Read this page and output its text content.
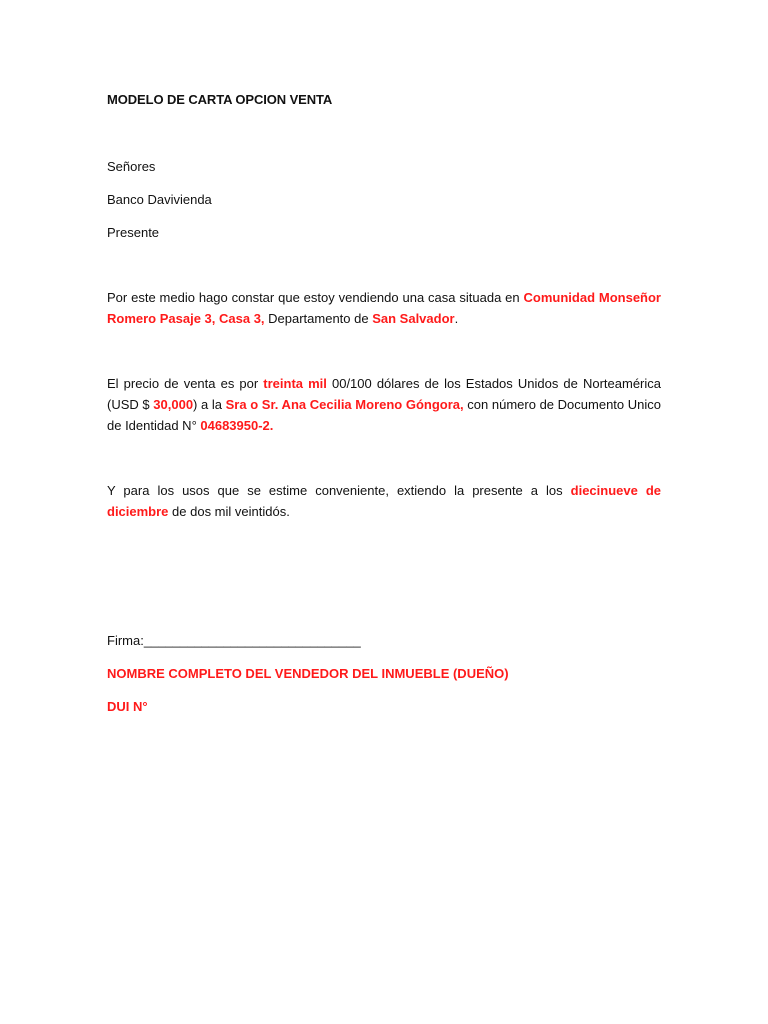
MODELO DE CARTA OPCION VENTA
Señores
Banco Davivienda
Presente
Por este medio hago constar que estoy vendiendo una casa situada en Comunidad Monseñor Romero Pasaje 3, Casa 3, Departamento de San Salvador.
El precio de venta es por treinta mil 00/100 dólares de los Estados Unidos de Norteamérica (USD $ 30,000) a la Sra o Sr. Ana Cecilia Moreno Góngora, con número de Documento Unico de Identidad N° 04683950-2.
Y para los usos que se estime conveniente, extiendo la presente a los diecinueve de diciembre de dos mil veintidós.
Firma:______________________________
NOMBRE COMPLETO DEL VENDEDOR DEL INMUEBLE (DUEÑO)
DUI N°
